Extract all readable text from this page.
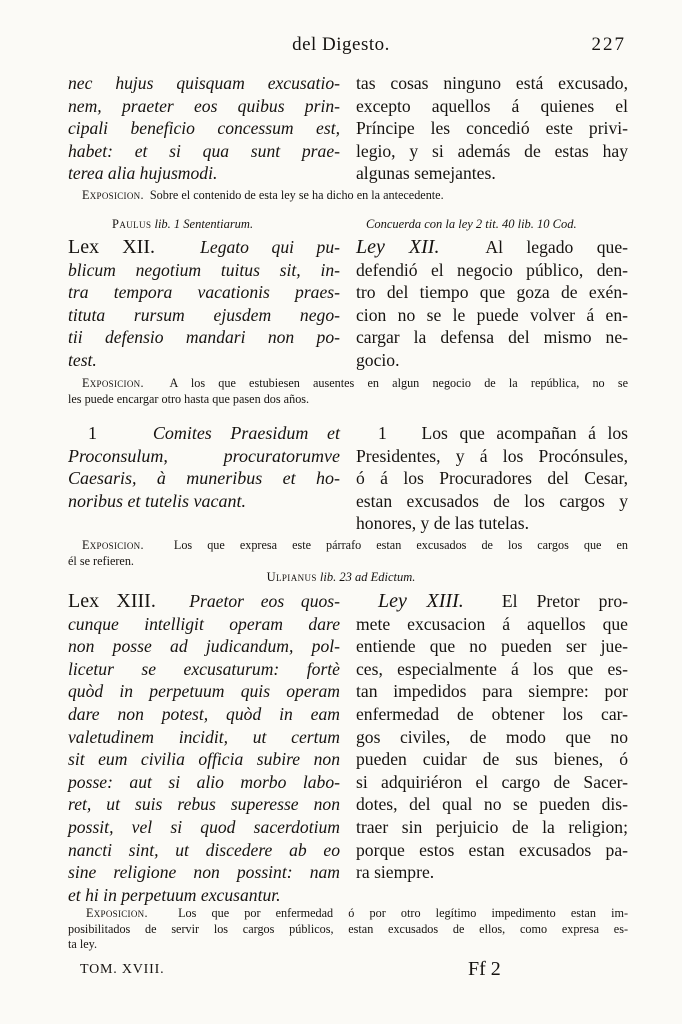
del Digesto.	227
nec hujus quisquam excusatio-
nem, praeter eos quibus prin-
cipali beneficio concessum est,
habet: et si qua sunt prae-
terea alia hujusmodi.
tas cosas ninguno está excusado,
excepto aquellos á quienes el
Príncipe les concedió este privi-
legio, y si además de estas hay
algunas semejantes.
Exposicion. Sobre el contenido de esta ley se ha dicho en la antecedente.
Paulus lib. 1 Sententiarum.	Concuerda con la ley 2 tit. 40 lib. 10 Cod.
Lex XII.	Legato qui pu-
blicum negotium tuitus sit, in-
tra tempora vacationis praes-
tituta rursum ejusdem nego-
tii defensio mandari non po-
test.
Ley XII.	Al legado que-
defendió el negocio público, den-
tro del tiempo que goza de exén-
cion no se le puede volver á en-
cargar la defensa del mismo ne-
gocio.
Exposicion. A los que estubiesen ausentes en algun negocio de la república, no se
les puede encargar otro hasta que pasen dos años.
1	Comites Praesidum et
Proconsulum, procuratorumve
Caesaris, à muneribus et ho-
noribus et tutelis vacant.
1 Los que acompañan á los
Presidentes, y á los Procónsules,
ó á los Procuradores del Cesar,
estan excusados de los cargos y
honores, y de las tutelas.
Exposicion. Los que expresa este párrafo estan excusados de los cargos que en
él se refieren.
Ulpianus lib. 23 ad Edictum.
Lex XIII. Praetor eos quos-
cunque intelligit operam dare
non posse ad judicandum, pol-
licetur se excusaturum: fortè
quòd in perpetuum quis operam
dare non potest, quòd in eam
valetudinem incidit, ut certum
sit eum civilia officia subire non
posse: aut si alio morbo labo-
ret, ut suis rebus superesse non
possit, vel si quod sacerdotium
nancti sint, ut discedere ab eo
sine religione non possint: nam
et hi in perpetuum excusantur.
Ley XIII. El Pretor pro-
mete excusacion á aquellos que
entiende que no pueden ser jue-
ces, especialmente á los que es-
tan impedidos para siempre: por
enfermedad de obtener los car-
gos civiles, de modo que no
pueden cuidar de sus bienes, ó
si adquiriéron el cargo de Sacer-
dotes, del qual no se pueden dis-
traer sin perjuicio de la religion;
porque estos estan excusados pa-
ra siempre.
Exposicion. Los que por enfermedad ó por otro legítimo impedimento estan im-
posibilitados de servir los cargos públicos, estan excusados de ellos, como expresa es-
ta ley.
TOM. XVIII.	Ff 2
